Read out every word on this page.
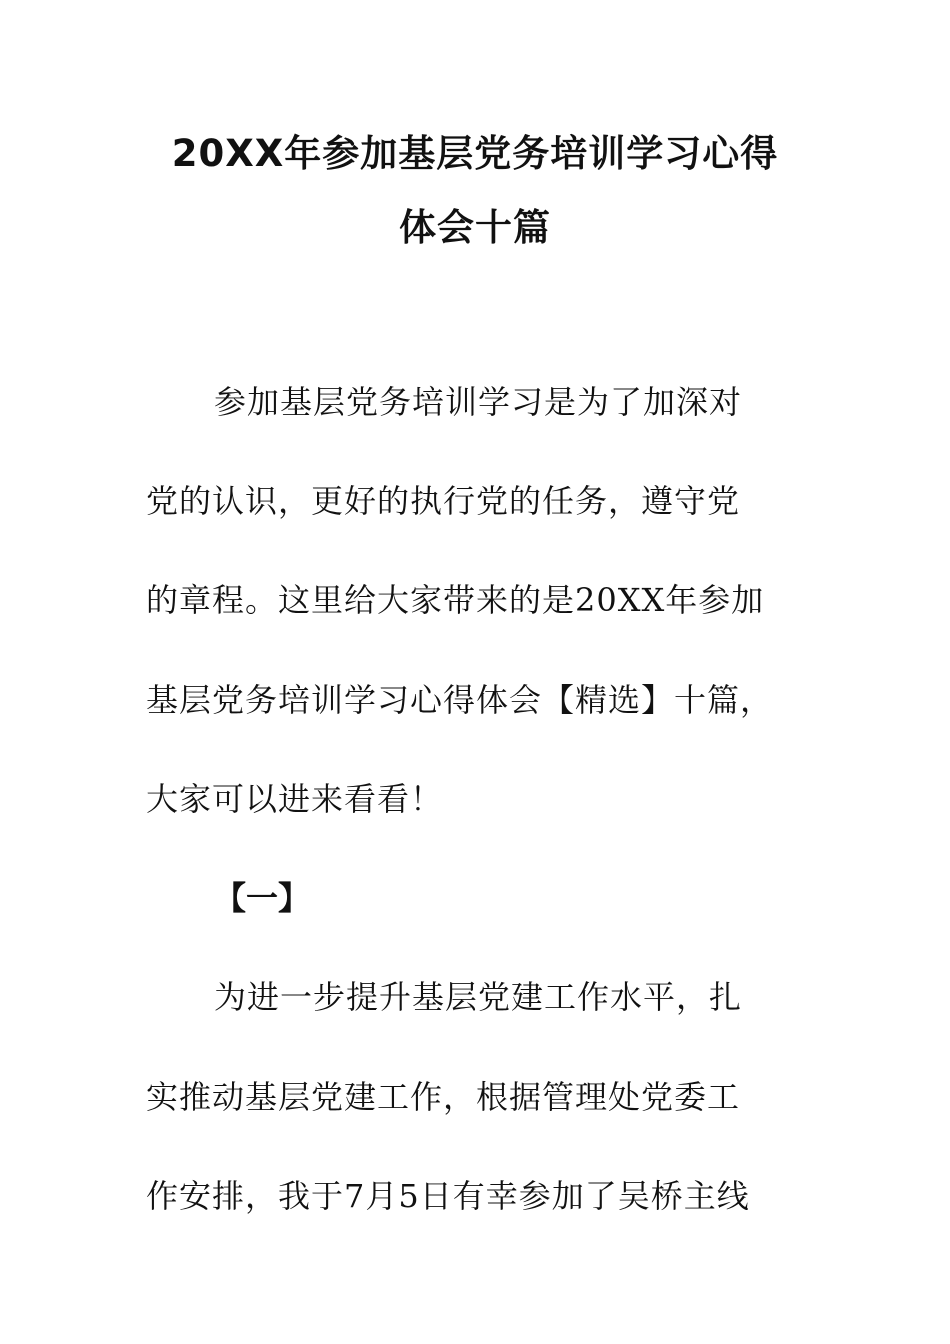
20XX年参加基层党务培训学习心得
体会十篇
参加基层党务培训学习是为了加深对
党的认识，更好的执行党的任务，遵守党
的章程。这里给大家带来的是20XX年参加
基层党务培训学习心得体会【精选】十篇，
大家可以进来看看！
【一】
为进一步提升基层党建工作水平，扎
实推动基层党建工作，根据管理处党委工
作安排，我于7月5日有幸参加了吴桥主线
